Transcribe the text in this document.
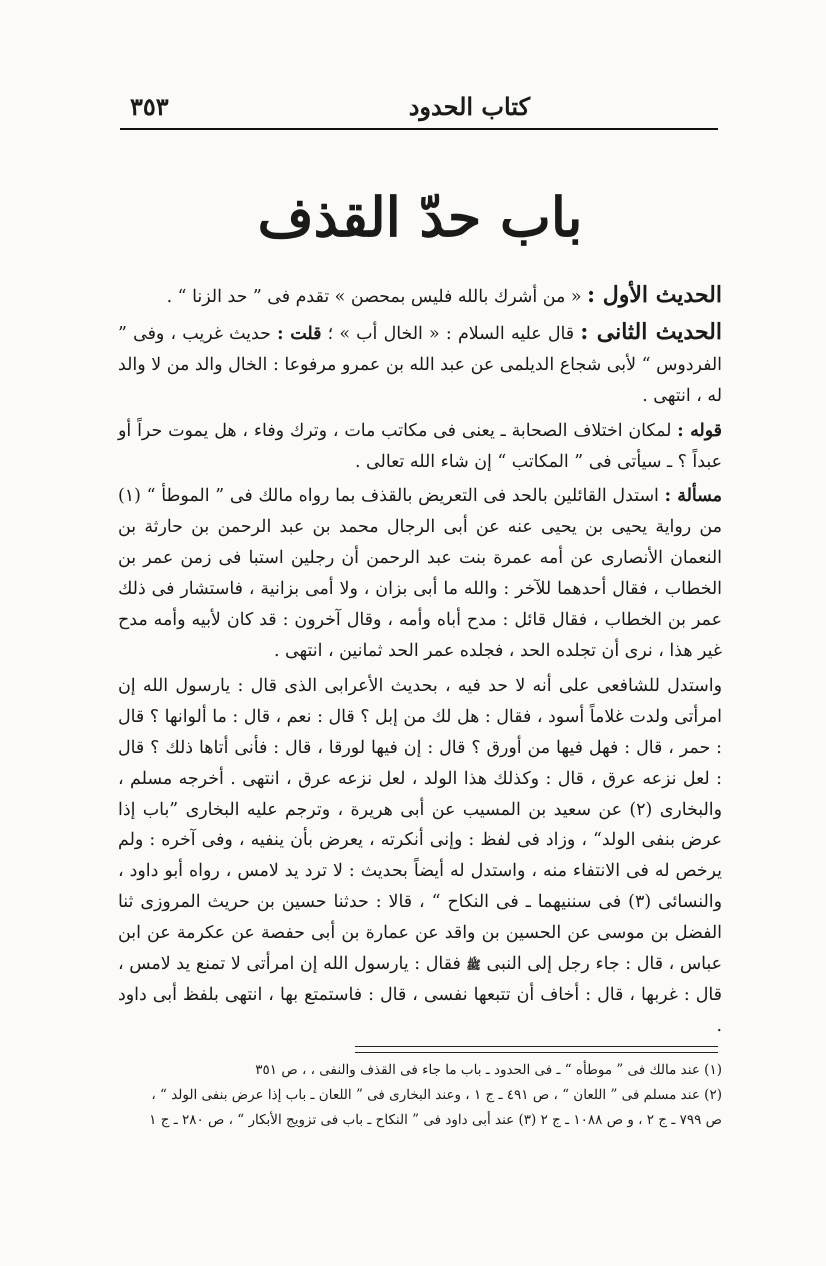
كتاب الحدود
٣٥٣
باب حدّ القذف

الحديث الأول : « من أشرك بالله فليس بمحصن » تقدم فى ” حد الزنا “ .

الحديث الثانى : قال عليه السلام : « الخال أب » ؛ قلت : حديث غريب ، وفى ” الفردوس “ لأبى شجاع الديلمى عن عبد الله بن عمرو مرفوعا : الخال والد من لا والد له ، انتهى .

قوله : لمكان اختلاف الصحابة ـ يعنى فى مكاتب مات ، وترك وفاء ، هل يموت حراً أو عبداً ؟ ـ سيأتى فى ” المكاتب “ إن شاء الله تعالى .

مسألة : استدل القائلين بالحد فى التعريض بالقذف بما رواه مالك فى ” الموطأ “ (١) من رواية يحيى بن يحيى عنه عن أبى الرجال محمد بن عبد الرحمن بن حارثة بن النعمان الأنصارى عن أمه عمرة بنت عبد الرحمن أن رجلين استبا فى زمن عمر بن الخطاب ، فقال أحدهما للآخر : والله ما أبى بزان ، ولا أمى بزانية ، فاستشار فى ذلك عمر بن الخطاب ، فقال قائل : مدح أباه وأمه ، وقال آخرون : قد كان لأبيه وأمه مدح غير هذا ، نرى أن تجلده الحد ، فجلده عمر الحد ثمانين ، انتهى .

واستدل للشافعى على أنه لا حد فيه ، بحديث الأعرابى الذى قال : يارسول الله إن امرأتى ولدت غلاماً أسود ، فقال : هل لك من إبل ؟ قال : نعم ، قال : ما ألوانها ؟ قال : حمر ، قال : فهل فيها من أورق ؟ قال : إن فيها لورقا ، قال : فأنى أتاها ذلك ؟ قال : لعل نزعه عرق ، قال : وكذلك هذا الولد ، لعل نزعه عرق ، انتهى . أخرجه مسلم ، والبخارى (٢) عن سعيد بن المسيب عن أبى هريرة ، وترجم عليه البخارى ”باب إذا عرض بنفى الولد“ ، وزاد فى لفظ : وإنى أنكرته ، يعرض بأن ينفيه ، وفى آخره : ولم يرخص له فى الانتفاء منه ، واستدل له أيضاً بحديث : لا ترد يد لامس ، رواه أبو داود ، والنسائى (٣) فى سننيهما ـ فى النكاح “ ، قالا : حدثنا حسين بن حريث المروزى ثنا الفضل بن موسى عن الحسين بن واقد عن عمارة بن أبى حفصة عن عكرمة عن ابن عباس ، قال : جاء رجل إلى النبى ﷺ فقال : يارسول الله إن امرأتى لا تمنع يد لامس ، قال : غربها ، قال : أخاف أن تتبعها نفسى ، قال : فاستمتع بها ، انتهى بلفظ أبى داود .

(١) عند مالك فى ” موطأه “ ـ فى الحدود ـ باب ما جاء فى القذف والنفى ، ، ص ٣٥١
(٢) عند مسلم فى ” اللعان “ ، ص ٤٩١ ـ ج ١ ، وعند البخارى فى ” اللعان ـ باب إذا عرض بنفى الولد “ ،
ص ٧٩٩ ـ ج ٢ ، و ص ١٠٨٨ ـ ج ٢ (٣) عند أبى داود فى ” النكاح ـ باب فى تزويج الأبكار “ ، ص ٢٨٠ ـ ج ١
